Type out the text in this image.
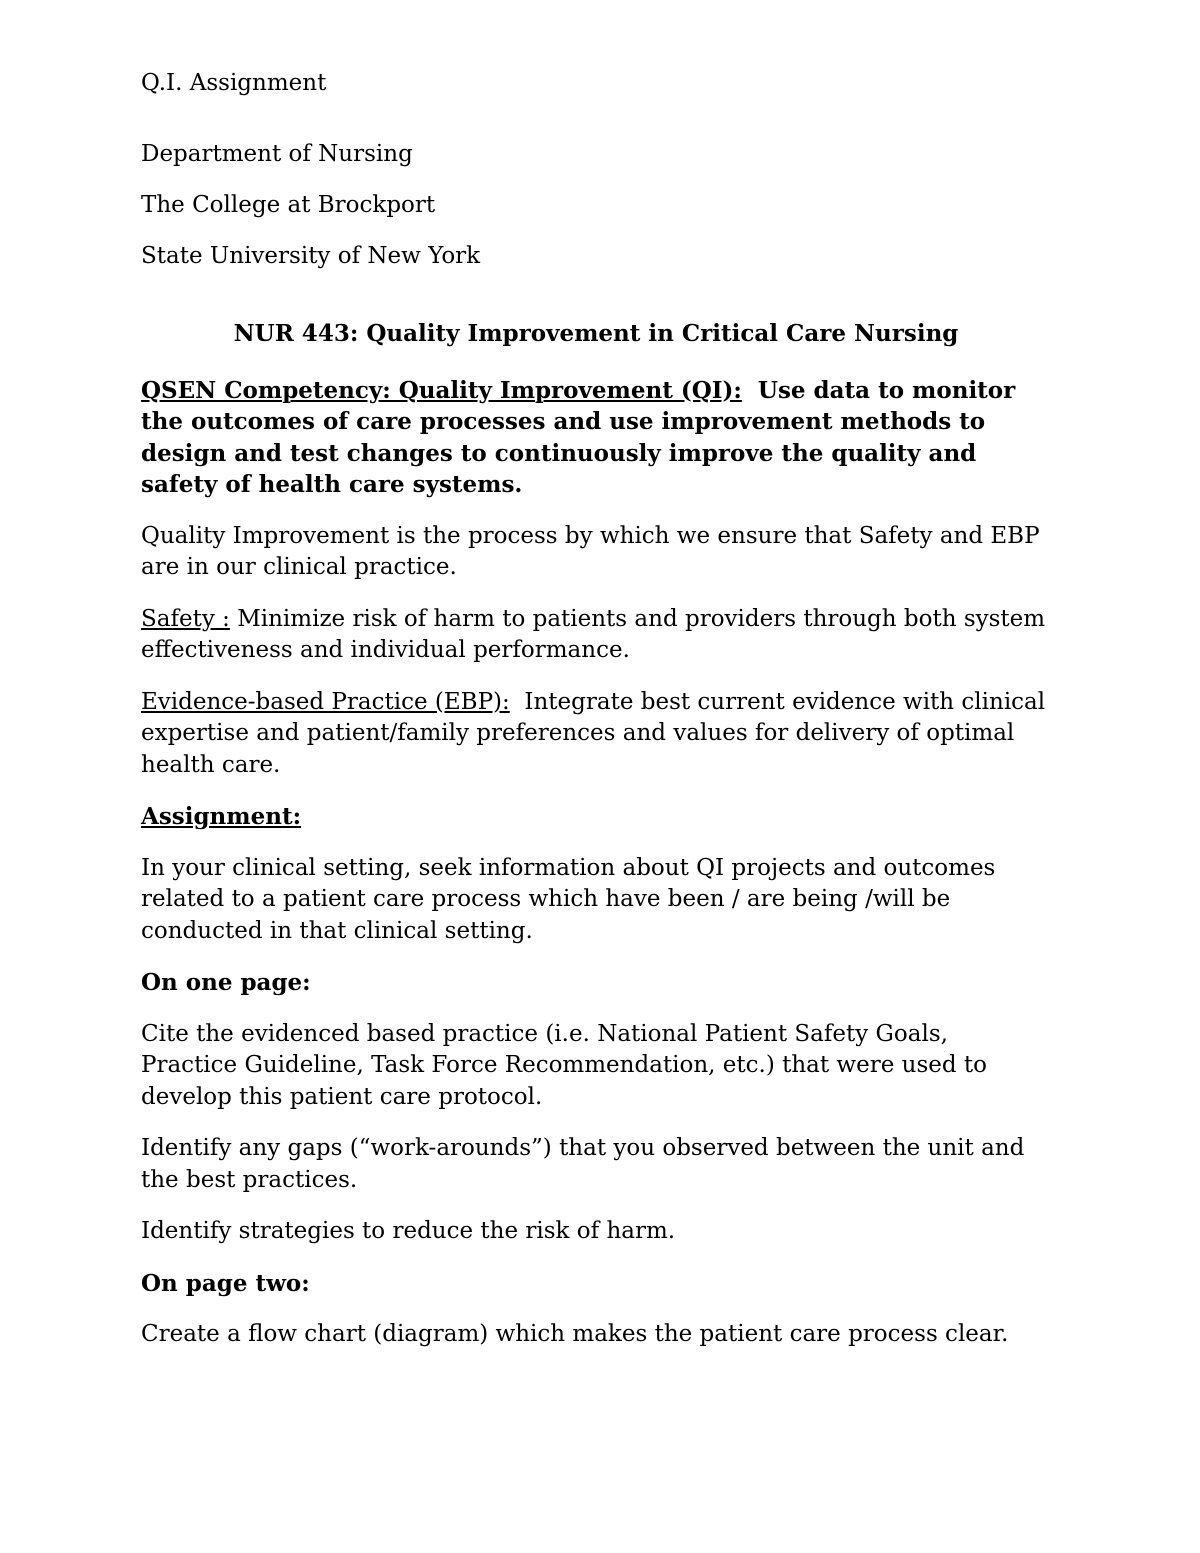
Q.I. Assignment

Department of Nursing

The College at Brockport

State University of New York

NUR 443: Quality Improvement in Critical Care Nursing

QSEN Competency: Quality Improvement (QI): Use data to monitor the outcomes of care processes and use improvement methods to design and test changes to continuously improve the quality and safety of health care systems.

Quality Improvement is the process by which we ensure that Safety and EBP are in our clinical practice.

Safety : Minimize risk of harm to patients and providers through both system effectiveness and individual performance.

Evidence-based Practice (EBP): Integrate best current evidence with clinical expertise and patient/family preferences and values for delivery of optimal health care.

Assignment:

In your clinical setting, seek information about QI projects and outcomes related to a patient care process which have been / are being /will be conducted in that clinical setting.

On one page:

Cite the evidenced based practice (i.e. National Patient Safety Goals, Practice Guideline, Task Force Recommendation, etc.) that were used to develop this patient care protocol.

Identify any gaps (“work-arounds”) that you observed between the unit and the best practices.

Identify strategies to reduce the risk of harm.

On page two:

Create a flow chart (diagram) which makes the patient care process clear.
